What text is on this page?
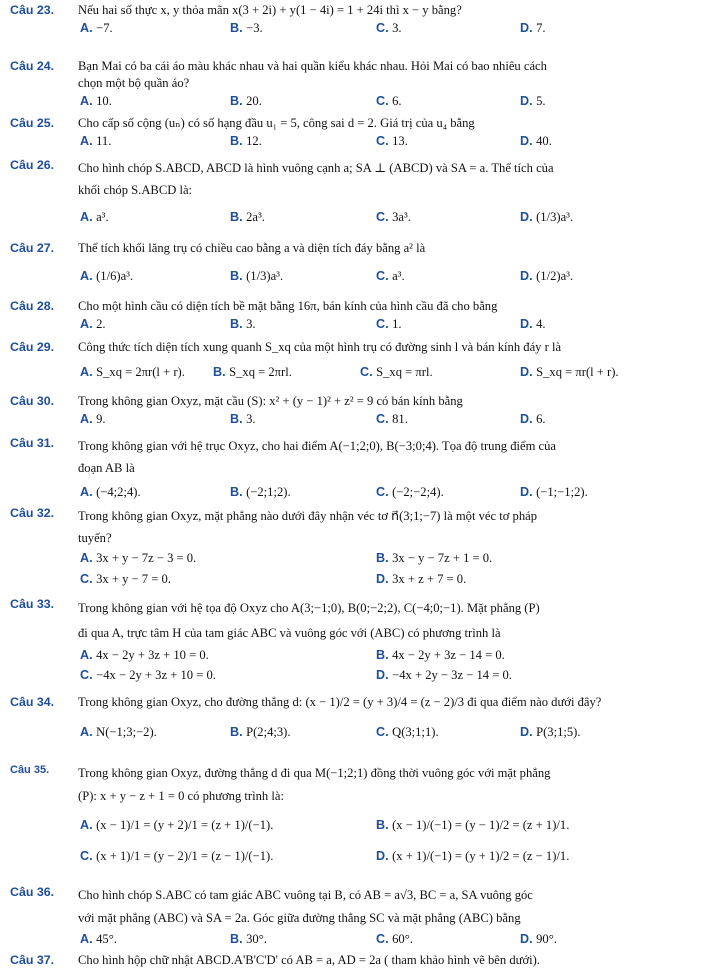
Câu 23. Nếu hai số thực x, y thỏa mãn x(3 + 2i) + y(1 − 4i) = 1 + 24i thì x − y bằng?
A. −7.	B. −3.	C. 3.	D. 7.
Câu 24. Bạn Mai có ba cái áo màu khác nhau và hai quần kiểu khác nhau. Hỏi Mai có bao nhiêu cách
chọn một bộ quần áo?
A. 10.	B. 20.	C. 6.	D. 5.
Câu 25. Cho cấp số cộng (uₙ) có số hạng đầu u₁ = 5, công sai d = 2. Giá trị của u₄ bằng
A. 11.	B. 12.	C. 13.	D. 40.
Câu 26. Cho hình chóp S.ABCD, ABCD là hình vuông cạnh a; SA ⊥ (ABCD) và SA = a. Thể tích của
khối chóp S.ABCD là:
A. a³.	B. 2a³.	C. 3a³.	D. (1/3)a³.
Câu 27. Thể tích khối lăng trụ có chiều cao bằng a và diện tích đáy bằng a² là
A. (1/6)a³.	B. (1/3)a³.	C. a³.	D. (1/2)a³.
Câu 28. Cho một hình cầu có diện tích bề mặt bằng 16π, bán kính của hình cầu đã cho bằng
A. 2.	B. 3.	C. 1.	D. 4.
Câu 29. Công thức tích diện tích xung quanh S_xq của một hình trụ có đường sinh l và bán kính đáy r là
A. S_xq = 2πr(l + r). B. S_xq = 2πrl.	C. S_xq = πrl.	D. S_xq = πr(l + r).
Câu 30. Trong không gian Oxyz, mặt cầu (S): x² + (y − 1)² + z² = 9 có bán kính bằng
A. 9.	B. 3.	C. 81.	D. 6.
Câu 31. Trong không gian với hệ trục Oxyz, cho hai điểm A(−1;2;0), B(−3;0;4). Tọa độ trung điểm của
đoạn AB là
A. (−4;2;4).	B. (−2;1;2).	C. (−2;−2;4).	D. (−1;−1;2).
Câu 32. Trong không gian Oxyz, mặt phẳng nào dưới đây nhận véc tơ n⃗(3;1;−7) là một véc tơ pháp
tuyến?
A. 3x + y − 7z − 3 = 0.	B. 3x − y − 7z + 1 = 0.
C. 3x + y − 7 = 0.	D. 3x + z + 7 = 0.
Câu 33. Trong không gian với hệ tọa độ Oxyz cho A(3;−1;0), B(0;−2;2), C(−4;0;−1). Mặt phẳng (P)
đi qua A, trực tâm H của tam giác ABC và vuông góc với (ABC) có phương trình là
A. 4x − 2y + 3z + 10 = 0.	B. 4x − 2y + 3z − 14 = 0.
C. −4x − 2y + 3z + 10 = 0.	D. −4x + 2y − 3z − 14 = 0.
Câu 34. Trong không gian Oxyz, cho đường thẳng d: (x − 1)/2 = (y + 3)/4 = (z − 2)/3 đi qua điểm nào dưới đây?
A. N(−1;3;−2).	B. P(2;4;3).	C. Q(3;1;1).	D. P(3;1;5).
Câu 35. Trong không gian Oxyz, đường thẳng d đi qua M(−1;2;1) đồng thời vuông góc với mặt phẳng
(P): x + y − z + 1 = 0 có phương trình là:
A. (x − 1)/1 = (y + 2)/1 = (z + 1)/(−1).	B. (x − 1)/(−1) = (y − 1)/2 = (z + 1)/1.
C. (x + 1)/1 = (y − 2)/1 = (z − 1)/(−1).	D. (x + 1)/(−1) = (y + 1)/2 = (z − 1)/1.
Câu 36. Cho hình chóp S.ABC có tam giác ABC vuông tại B, có AB = a√3, BC = a, SA vuông góc
với mặt phẳng (ABC) và SA = 2a. Góc giữa đường thẳng SC và mặt phẳng (ABC) bằng
A. 45°.	B. 30°.	C. 60°.	D. 90°.
Câu 37. Cho hình hộp chữ nhật ABCD.A'B'C'D' có AB = a, AD = 2a ( tham khảo hình vẽ bên dưới).
